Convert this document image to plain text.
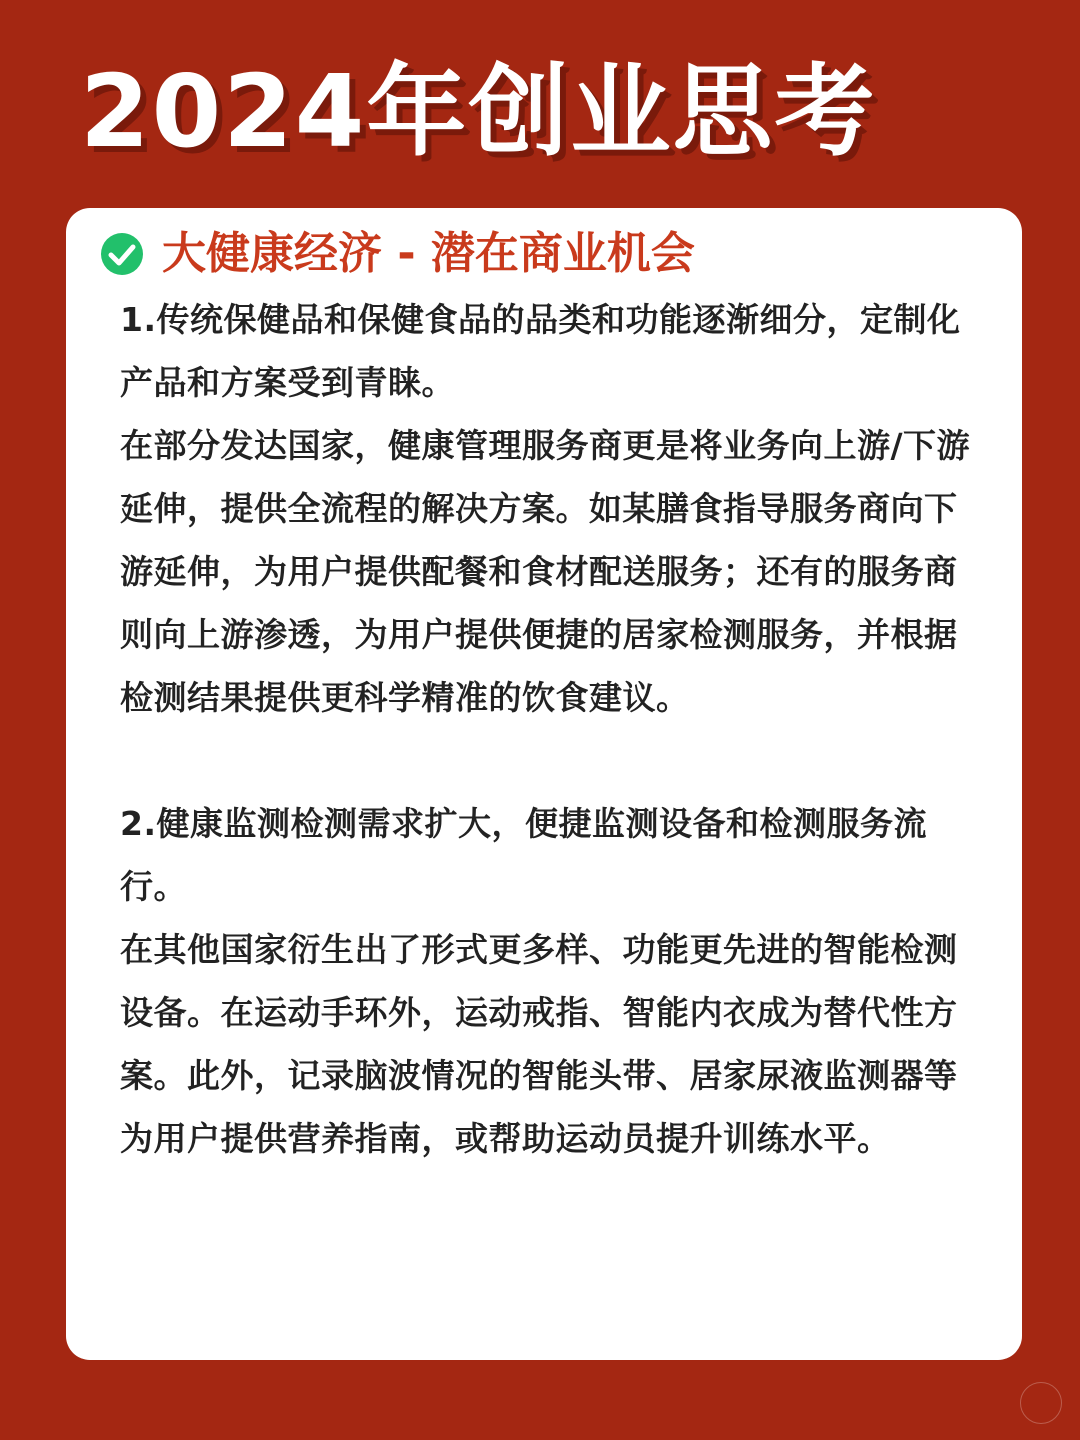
2024年创业思考
大健康经济 - 潜在商业机会

1.传统保健品和保健食品的品类和功能逐渐细分，定制化产品和方案受到青睐。

在部分发达国家，健康管理服务商更是将业务向上游/下游延伸，提供全流程的解决方案。如某膳食指导服务商向下游延伸，为用户提供配餐和食材配送服务；还有的服务商则向上游渗透，为用户提供便捷的居家检测服务，并根据检测结果提供更科学精准的饮食建议。

2.健康监测检测需求扩大，便捷监测设备和检测服务流行。

在其他国家衍生出了形式更多样、功能更先进的智能检测设备。在运动手环外，运动戒指、智能内衣成为替代性方案。此外，记录脑波情况的智能头带、居家尿液监测器等为用户提供营养指南，或帮助运动员提升训练水平。
